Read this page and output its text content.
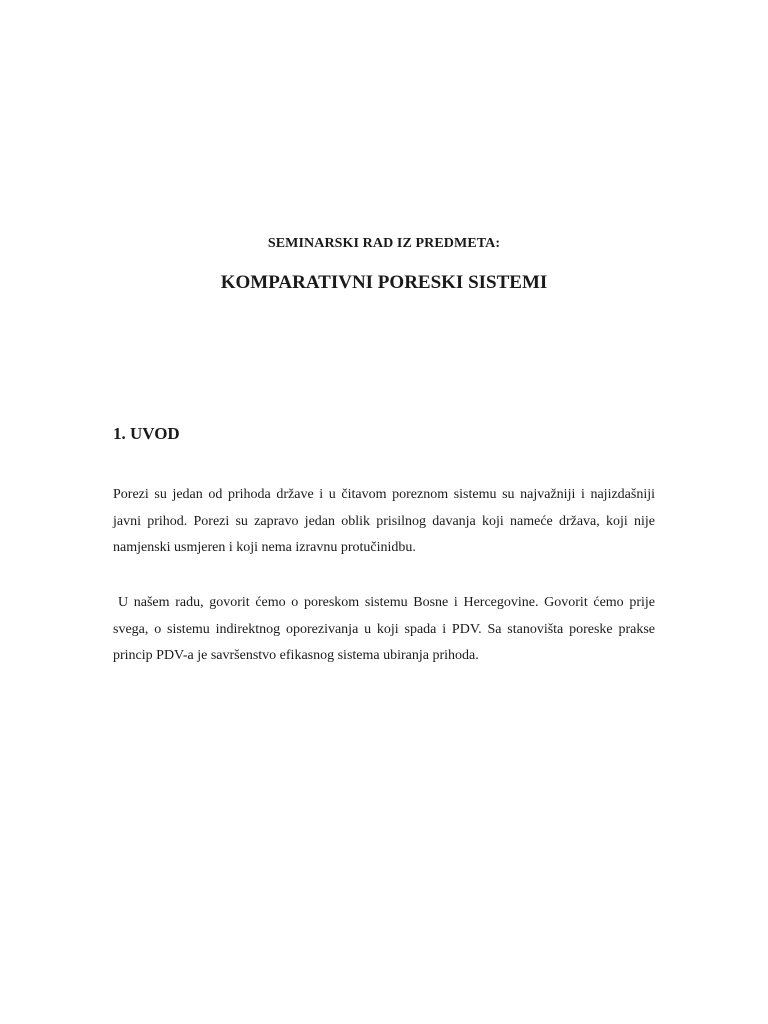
SEMINARSKI RAD IZ PREDMETA:
KOMPARATIVNI PORESKI SISTEMI
1. UVOD

Porezi su jedan od prihoda države i u čitavom poreznom sistemu su najvažniji i najizdašniji javni prihod. Porezi su zapravo jedan oblik prisilnog davanja koji nameće država, koji nije namjenski usmjeren i koji nema izravnu protučinidbu.

U našem radu, govorit ćemo o poreskom sistemu Bosne i Hercegovine. Govorit ćemo prije svega, o sistemu indirektnog oporezivanja u koji spada i PDV. Sa stanovišta poreske prakse princip PDV-a je savršenstvo efikasnog sistema ubiranja prihoda.
